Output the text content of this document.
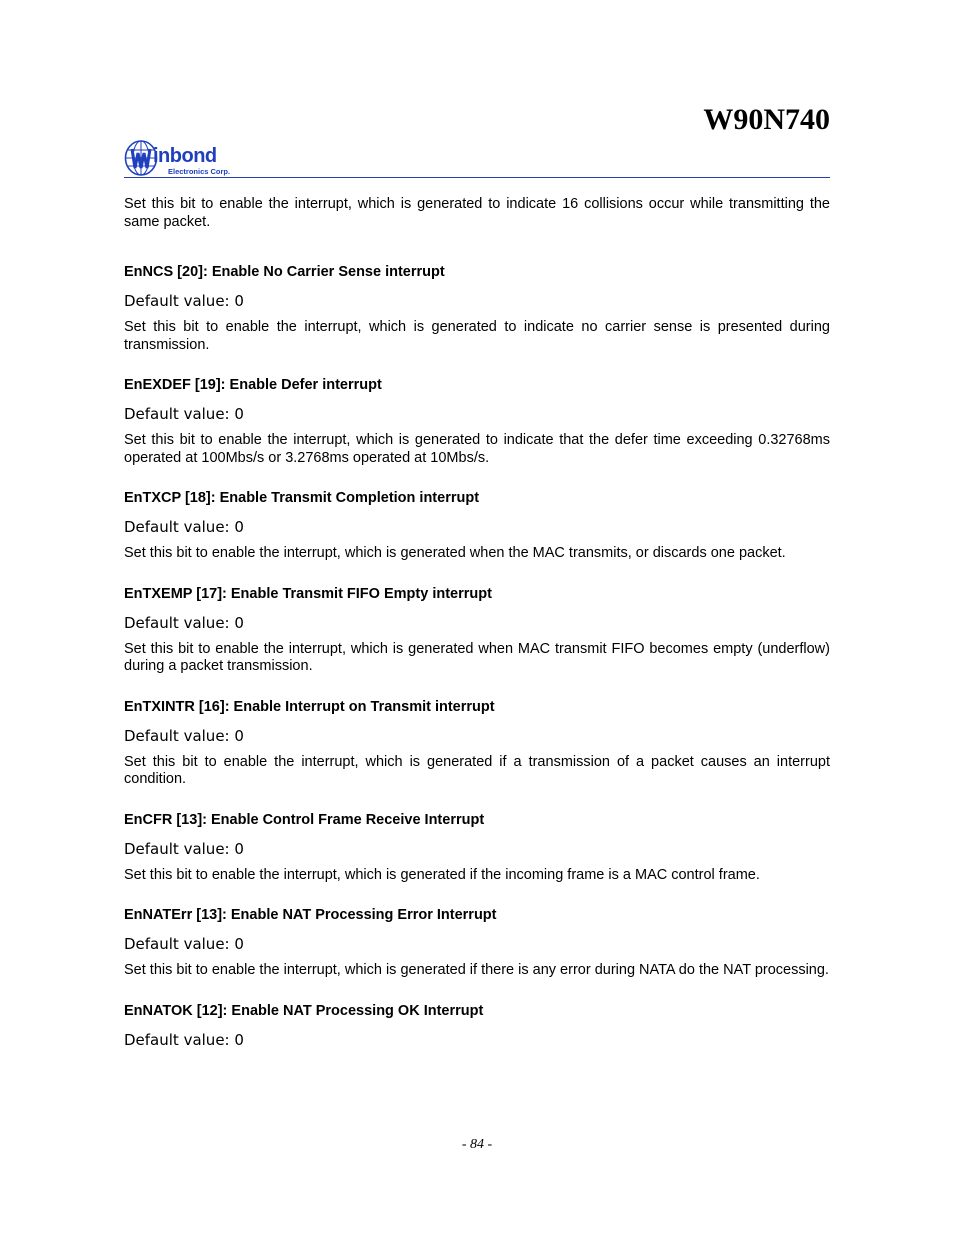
W90N740
inbond
Electronics Corp.

Set this bit to enable the interrupt, which is generated to indicate 16 collisions occur while transmitting the same packet.

EnNCS [20]: Enable No Carrier Sense interrupt

Default value: 0

Set this bit to enable the interrupt, which is generated to indicate no carrier sense is presented during transmission.

EnEXDEF [19]: Enable Defer interrupt

Default value: 0

Set this bit to enable the interrupt, which is generated to indicate that the defer time exceeding 0.32768ms operated at 100Mbs/s or 3.2768ms operated at 10Mbs/s.

EnTXCP [18]: Enable Transmit Completion interrupt

Default value: 0

Set this bit to enable the interrupt, which is generated when the MAC transmits, or discards one packet.

EnTXEMP [17]: Enable Transmit FIFO Empty interrupt

Default value: 0

Set this bit to enable the interrupt, which is generated when MAC transmit FIFO becomes empty (underflow) during a packet transmission.

EnTXINTR [16]: Enable Interrupt on Transmit interrupt

Default value: 0

Set this bit to enable the interrupt, which is generated if a transmission of a packet causes an interrupt condition.

EnCFR [13]: Enable Control Frame Receive Interrupt

Default value: 0

Set this bit to enable the interrupt, which is generated if the incoming frame is a MAC control frame.

EnNATErr [13]: Enable NAT Processing Error Interrupt

Default value: 0

Set this bit to enable the interrupt, which is generated if there is any error during NATA do the NAT processing.

EnNATOK [12]: Enable NAT Processing OK Interrupt

Default value: 0

- 84 -
